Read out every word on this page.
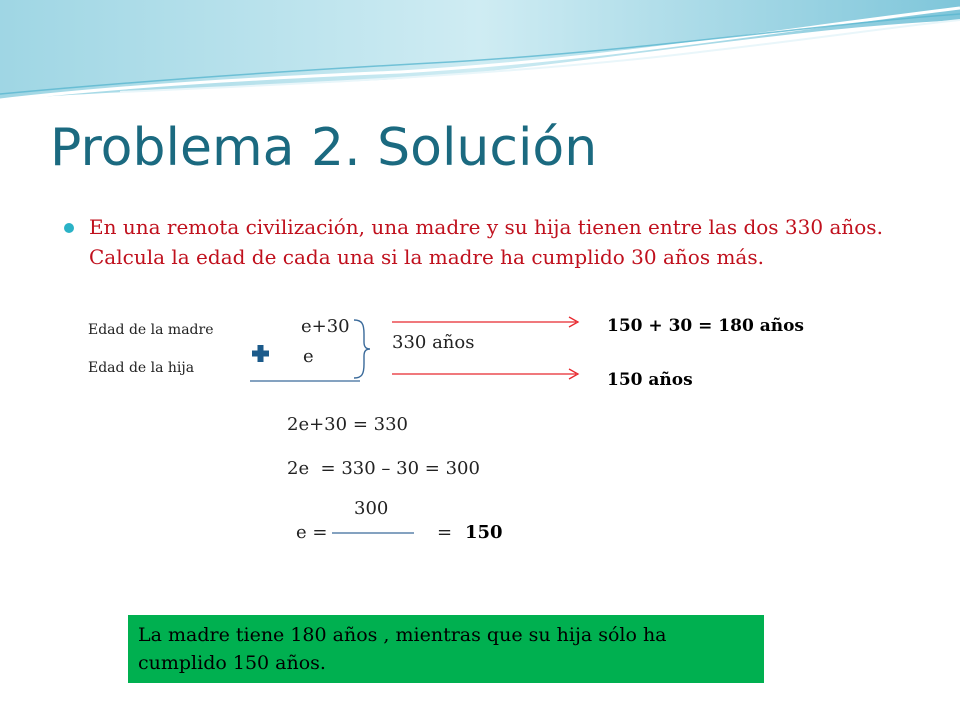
Problema 2. Solución
En una remota civilización, una madre y su hija tienen entre las dos 330 años. Calcula la edad de cada una si la madre ha cumplido 30 años más.
Edad de la madre
Edad de la hija
e+30
e
330 años
150 + 30 = 180 años
150 años
2e+30 = 330
2e  = 330 – 30 = 300
300
e =	= 150
La madre tiene 180 años , mientras que su hija sólo ha cumplido 150 años.
